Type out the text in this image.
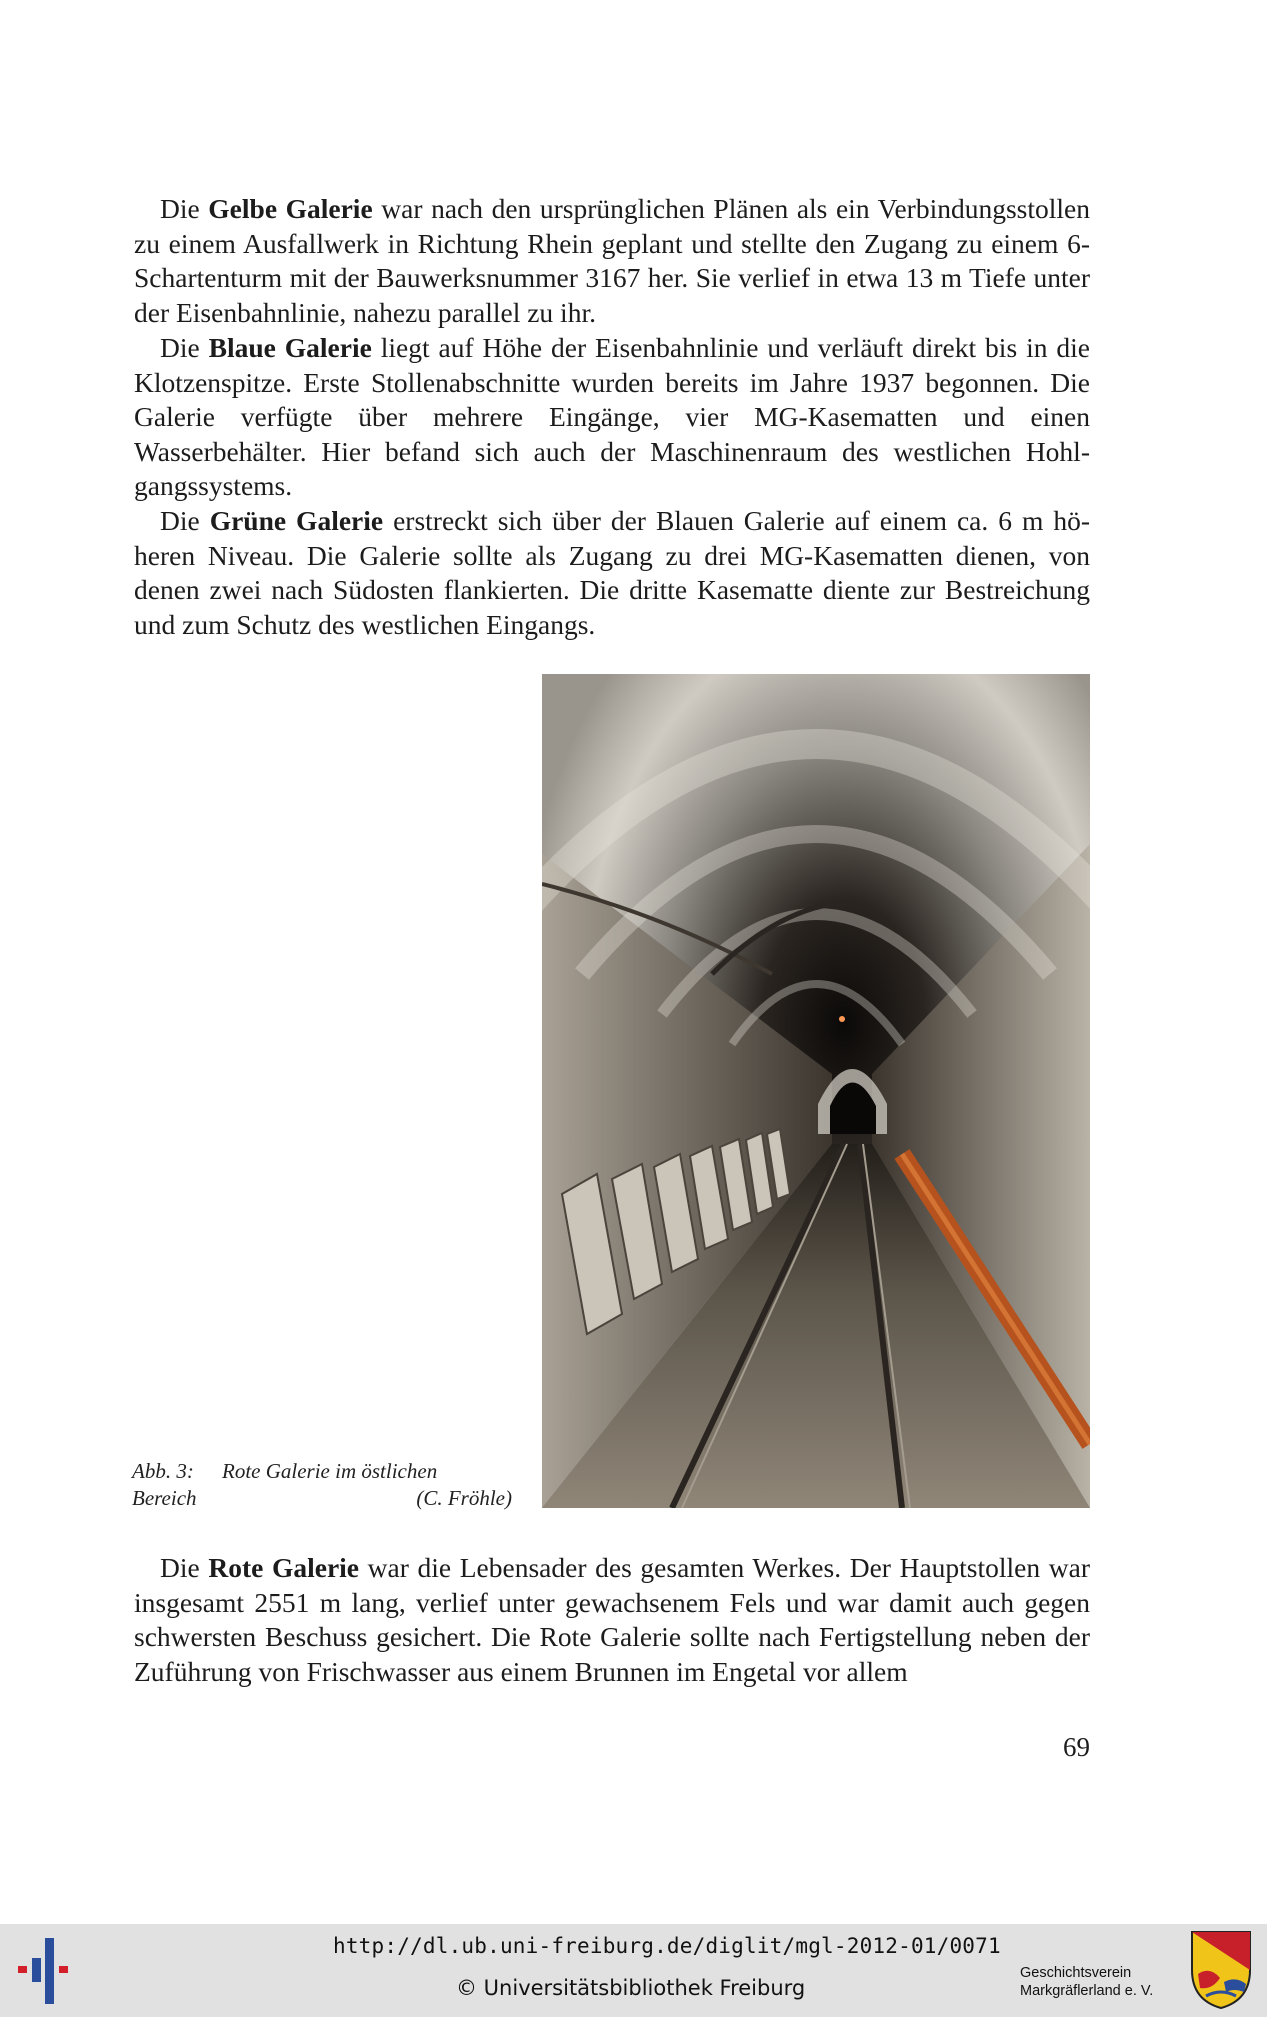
Die Gelbe Galerie war nach den ursprünglichen Plänen als ein Verbindungsstollen zu einem Ausfallwerk in Richtung Rhein geplant und stellte den Zugang zu einem 6-Schartenturm mit der Bauwerksnummer 3167 her. Sie verlief in etwa 13 m Tiefe unter der Eisenbahnlinie, nahezu parallel zu ihr.

Die Blaue Galerie liegt auf Höhe der Eisenbahnlinie und verläuft direkt bis in die Klotzenspitze. Erste Stollenabschnitte wurden bereits im Jahre 1937 begonnen. Die Galerie verfügte über mehrere Eingänge, vier MG-Kasematten und einen Wasserbehälter. Hier befand sich auch der Maschinenraum des westlichen Hohlgangssystems.

Die Grüne Galerie erstreckt sich über der Blauen Galerie auf einem ca. 6 m höheren Niveau. Die Galerie sollte als Zugang zu drei MG-Kasematten dienen, von denen zwei nach Südosten flankierten. Die dritte Kasematte diente zur Bestreichung und zum Schutz des westlichen Eingangs.

Abb. 3:	Rote Galerie im östlichen
Bereich	(C. Fröhle)

Die Rote Galerie war die Lebensader des gesamten Werkes. Der Hauptstollen war insgesamt 2551 m lang, verlief unter gewachsenem Fels und war damit auch gegen schwersten Beschuss gesichert. Die Rote Galerie sollte nach Fertigstellung neben der Zuführung von Frischwasser aus einem Brunnen im Engetal vor allem

69
http://dl.ub.uni-freiburg.de/diglit/mgl-2012-01/0071
© Universitätsbibliothek Freiburg
Geschichtsverein
Markgräflerland e. V.
